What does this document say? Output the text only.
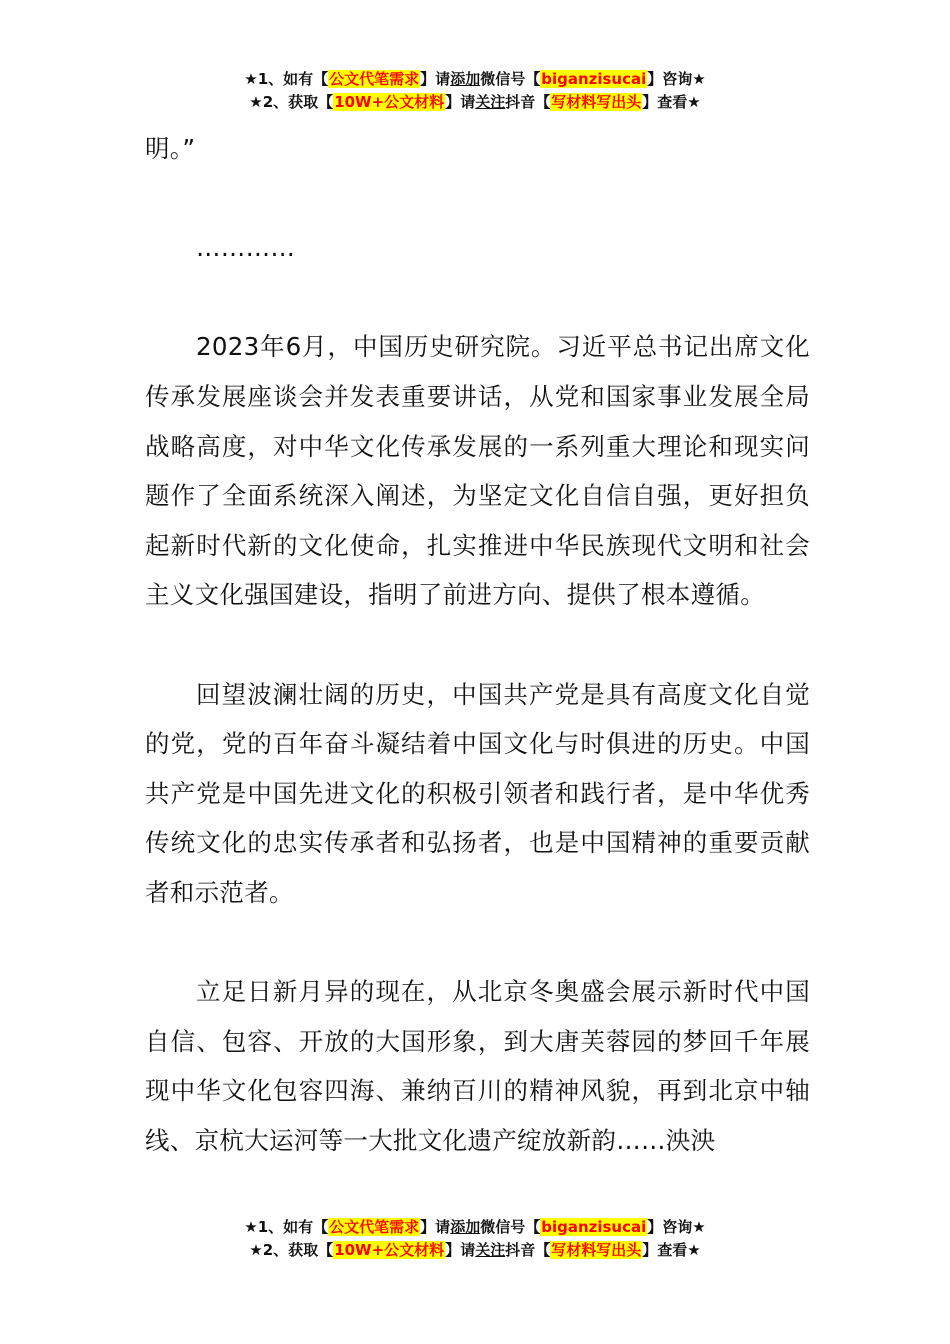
★1、如有【公文代笔需求】请添加微信号【biganzisucai】咨询★
★2、获取【10W+公文材料】请关注抖音【写材料写出头】查看★

明。”

…………

2023年6月，中国历史研究院。习近平总书记出席文化传承发展座谈会并发表重要讲话，从党和国家事业发展全局战略高度，对中华文化传承发展的一系列重大理论和现实问题作了全面系统深入阐述，为坚定文化自信自强，更好担负起新时代新的文化使命，扎实推进中华民族现代文明和社会主义文化强国建设，指明了前进方向、提供了根本遵循。

回望波澜壮阔的历史，中国共产党是具有高度文化自觉的党，党的百年奋斗凝结着中国文化与时俱进的历史。中国共产党是中国先进文化的积极引领者和践行者，是中华优秀传统文化的忠实传承者和弘扬者，也是中国精神的重要贡献者和示范者。

立足日新月异的现在，从北京冬奥盛会展示新时代中国自信、包容、开放的大国形象，到大唐芙蓉园的梦回千年展现中华文化包容四海、兼纳百川的精神风貌，再到北京中轴线、京杭大运河等一大批文化遗产绽放新韵……泱泱

★1、如有【公文代笔需求】请添加微信号【biganzisucai】咨询★
★2、获取【10W+公文材料】请关注抖音【写材料写出头】查看★
